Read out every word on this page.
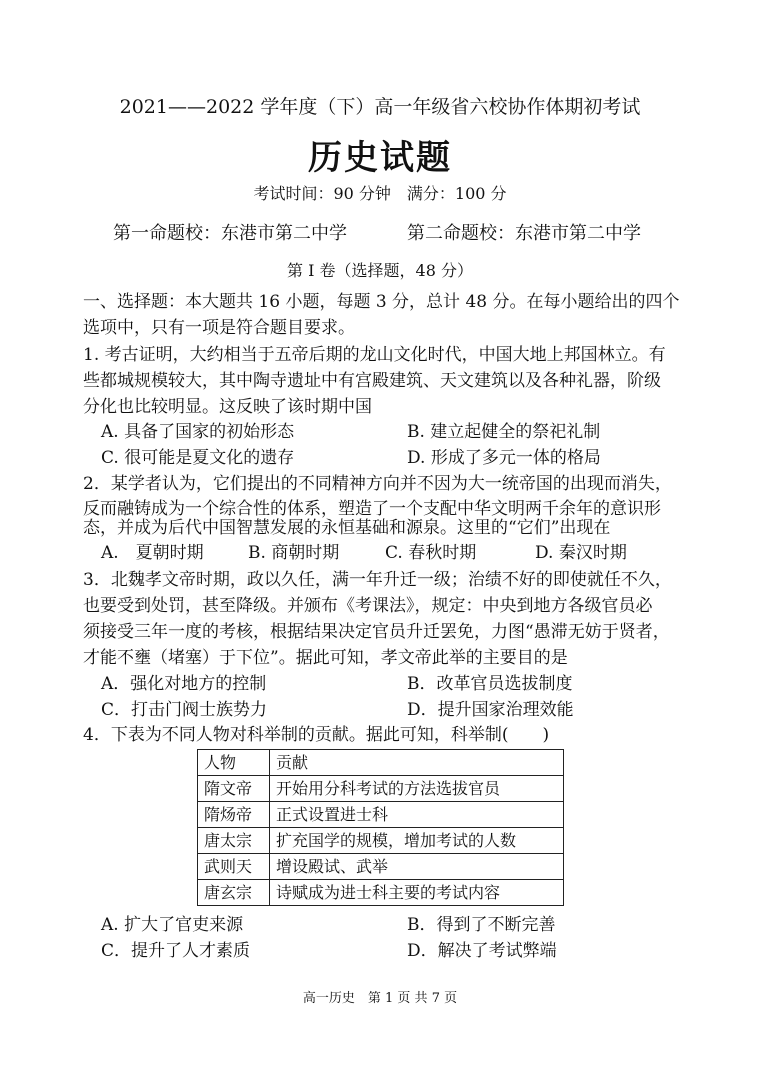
2021——2022 学年度（下）高一年级省六校协作体期初考试
历史试题
考试时间：90 分钟　满分：100 分
第一命题校：东港市第二中学	第二命题校：东港市第二中学
第 I 卷（选择题，48 分）
一、选择题：本大题共 16 小题，每题 3 分，总计 48 分。在每小题给出的四个
选项中，只有一项是符合题目要求。
1. 考古证明，大约相当于五帝后期的龙山文化时代，中国大地上邦国林立。有
些都城规模较大，其中陶寺遗址中有宫殿建筑、天文建筑以及各种礼器，阶级
分化也比较明显。这反映了该时期中国
A. 具备了国家的初始形态	B. 建立起健全的祭祀礼制
C. 很可能是夏文化的遗存	D. 形成了多元一体的格局
2．某学者认为，它们提出的不同精神方向并不因为大一统帝国的出现而消失，
反而融铸成为一个综合性的体系，塑造了一个支配中华文明两千余年的意识形
态，并成为后代中国智慧发展的永恒基础和源泉。这里的“它们”出现在
A.　夏朝时期	B. 商朝时期	C. 春秋时期	D. 秦汉时期
3．北魏孝文帝时期，政以久任，满一年升迁一级；治绩不好的即使就任不久，
也要受到处罚，甚至降级。并颁布《考课法》，规定：中央到地方各级官员必
须接受三年一度的考核，根据结果决定官员升迁罢免，力图“愚滞无妨于贤者，
才能不壅（堵塞）于下位”。据此可知，孝文帝此举的主要目的是
A．强化对地方的控制	B．改革官员选拔制度
C．打击门阀士族势力	D．提升国家治理效能
4．下表为不同人物对科举制的贡献。据此可知，科举制(　　)
人物	贡献
隋文帝	开始用分科考试的方法选拔官员
隋炀帝	正式设置进士科
唐太宗	扩充国学的规模，增加考试的人数
武则天	增设殿试、武举
唐玄宗	诗赋成为进士科主要的考试内容
A. 扩大了官吏来源	B．得到了不断完善
C．提升了人才素质	D．解决了考试弊端
高一历史　第 1 页 共 7 页
